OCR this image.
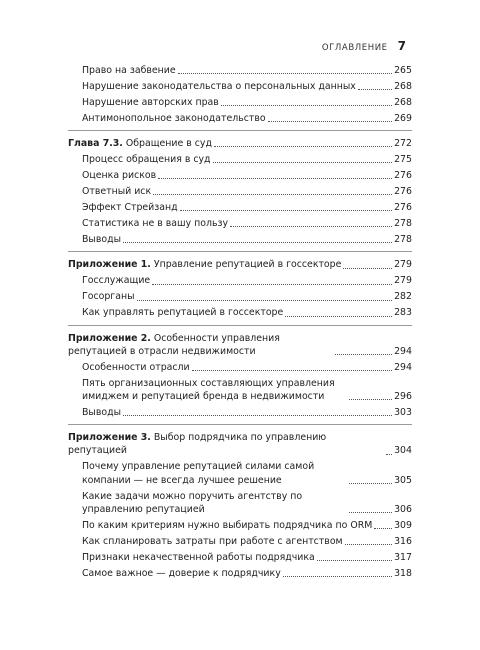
ОГЛАВЛЕНИЕ 7
Право на забвение	265
Нарушение законодательства о персональных данных	268
Нарушение авторских прав	268
Антимонопольное законодательство	269
Глава 7.3. Обращение в суд	272
Процесс обращения в суд	275
Оценка рисков	276
Ответный иск	276
Эффект Стрейзанд	276
Статистика не в вашу пользу	278
Выводы	278
Приложение 1. Управление репутацией в госсекторе	279
Госслужащие	279
Госорганы	282
Как управлять репутацией в госсекторе	283
Приложение 2. Особенности управления репутацией в отрасли недвижимости	294
Особенности отрасли	294
Пять организационных составляющих управления имиджем и репутацией бренда в недвижимости	296
Выводы	303
Приложение 3. Выбор подрядчика по управлению репутацией	304
Почему управление репутацией силами самой компании — не всегда лучшее решение	305
Какие задачи можно поручить агентству по управлению репутацией	306
По каким критериям нужно выбирать подрядчика по ORM 309
Как спланировать затраты при работе с агентством	316
Признаки некачественной работы подрядчика	317
Самое важное — доверие к подрядчику	318
